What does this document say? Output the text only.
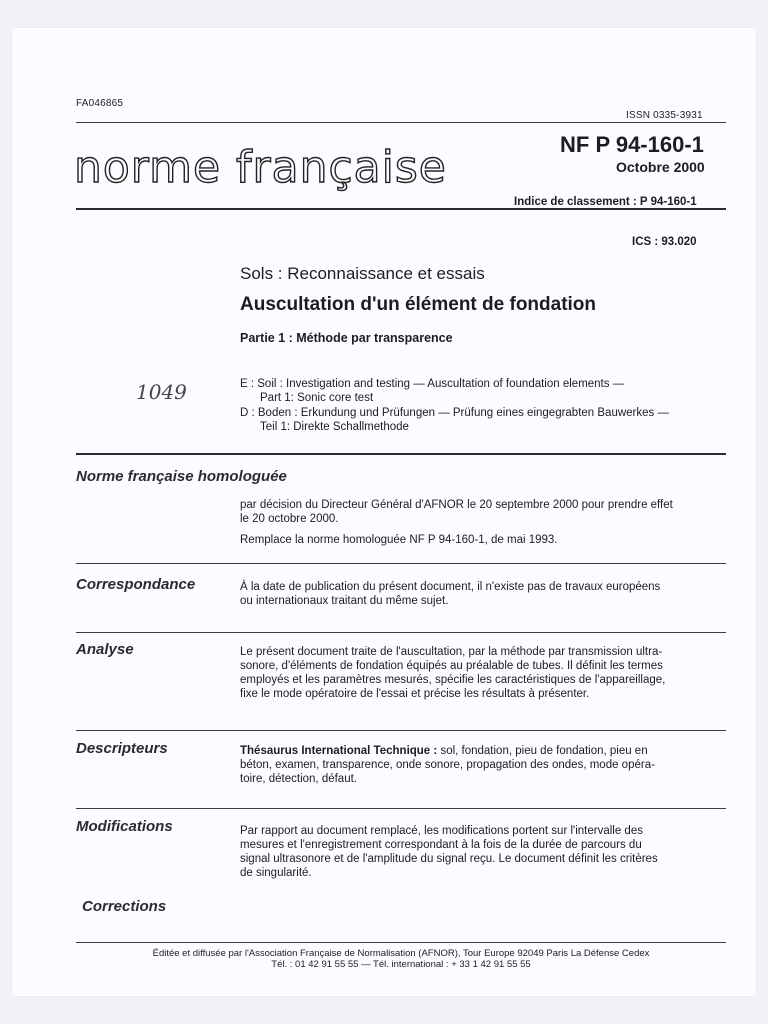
FA046865
ISSN 0335-3931
norme française	NF P 94-160-1
Octobre 2000
Indice de classement : P 94-160-1
ICS : 93.020
Sols : Reconnaissance et essais
Auscultation d'un élément de fondation
Partie 1 : Méthode par transparence
1049	E : Soil : Investigation and testing — Auscultation of foundation elements —
Part 1: Sonic core test
D : Boden : Erkundung und Prüfungen — Prüfung eines eingegrabten Bauwerkes —
Teil 1: Direkte Schallmethode
Norme française homologuée
par décision du Directeur Général d'AFNOR le 20 septembre 2000 pour prendre effet
le 20 octobre 2000.
Remplace la norme homologuée NF P 94-160-1, de mai 1993.
Correspondance	À la date de publication du présent document, il n'existe pas de travaux européens
ou internationaux traitant du même sujet.
Analyse	Le présent document traite de l'auscultation, par la méthode par transmission ultra-
sonore, d'éléments de fondation équipés au préalable de tubes. Il définit les termes
employés et les paramètres mesurés, spécifie les caractéristiques de l'appareillage,
fixe le mode opératoire de l'essai et précise les résultats à présenter.
Descripteurs	Thésaurus International Technique : sol, fondation, pieu de fondation, pieu en
béton, examen, transparence, onde sonore, propagation des ondes, mode opéra-
toire, détection, défaut.
Modifications	Par rapport au document remplacé, les modifications portent sur l'intervalle des
mesures et l'enregistrement correspondant à la fois de la durée de parcours du
signal ultrasonore et de l'amplitude du signal reçu. Le document définit les critères
de singularité.
Corrections
Éditée et diffusée par l'Association Française de Normalisation (AFNOR), Tour Europe 92049 Paris La Défense Cedex
Tél. : 01 42 91 55 55 — Tél. international : + 33 1 42 91 55 55
